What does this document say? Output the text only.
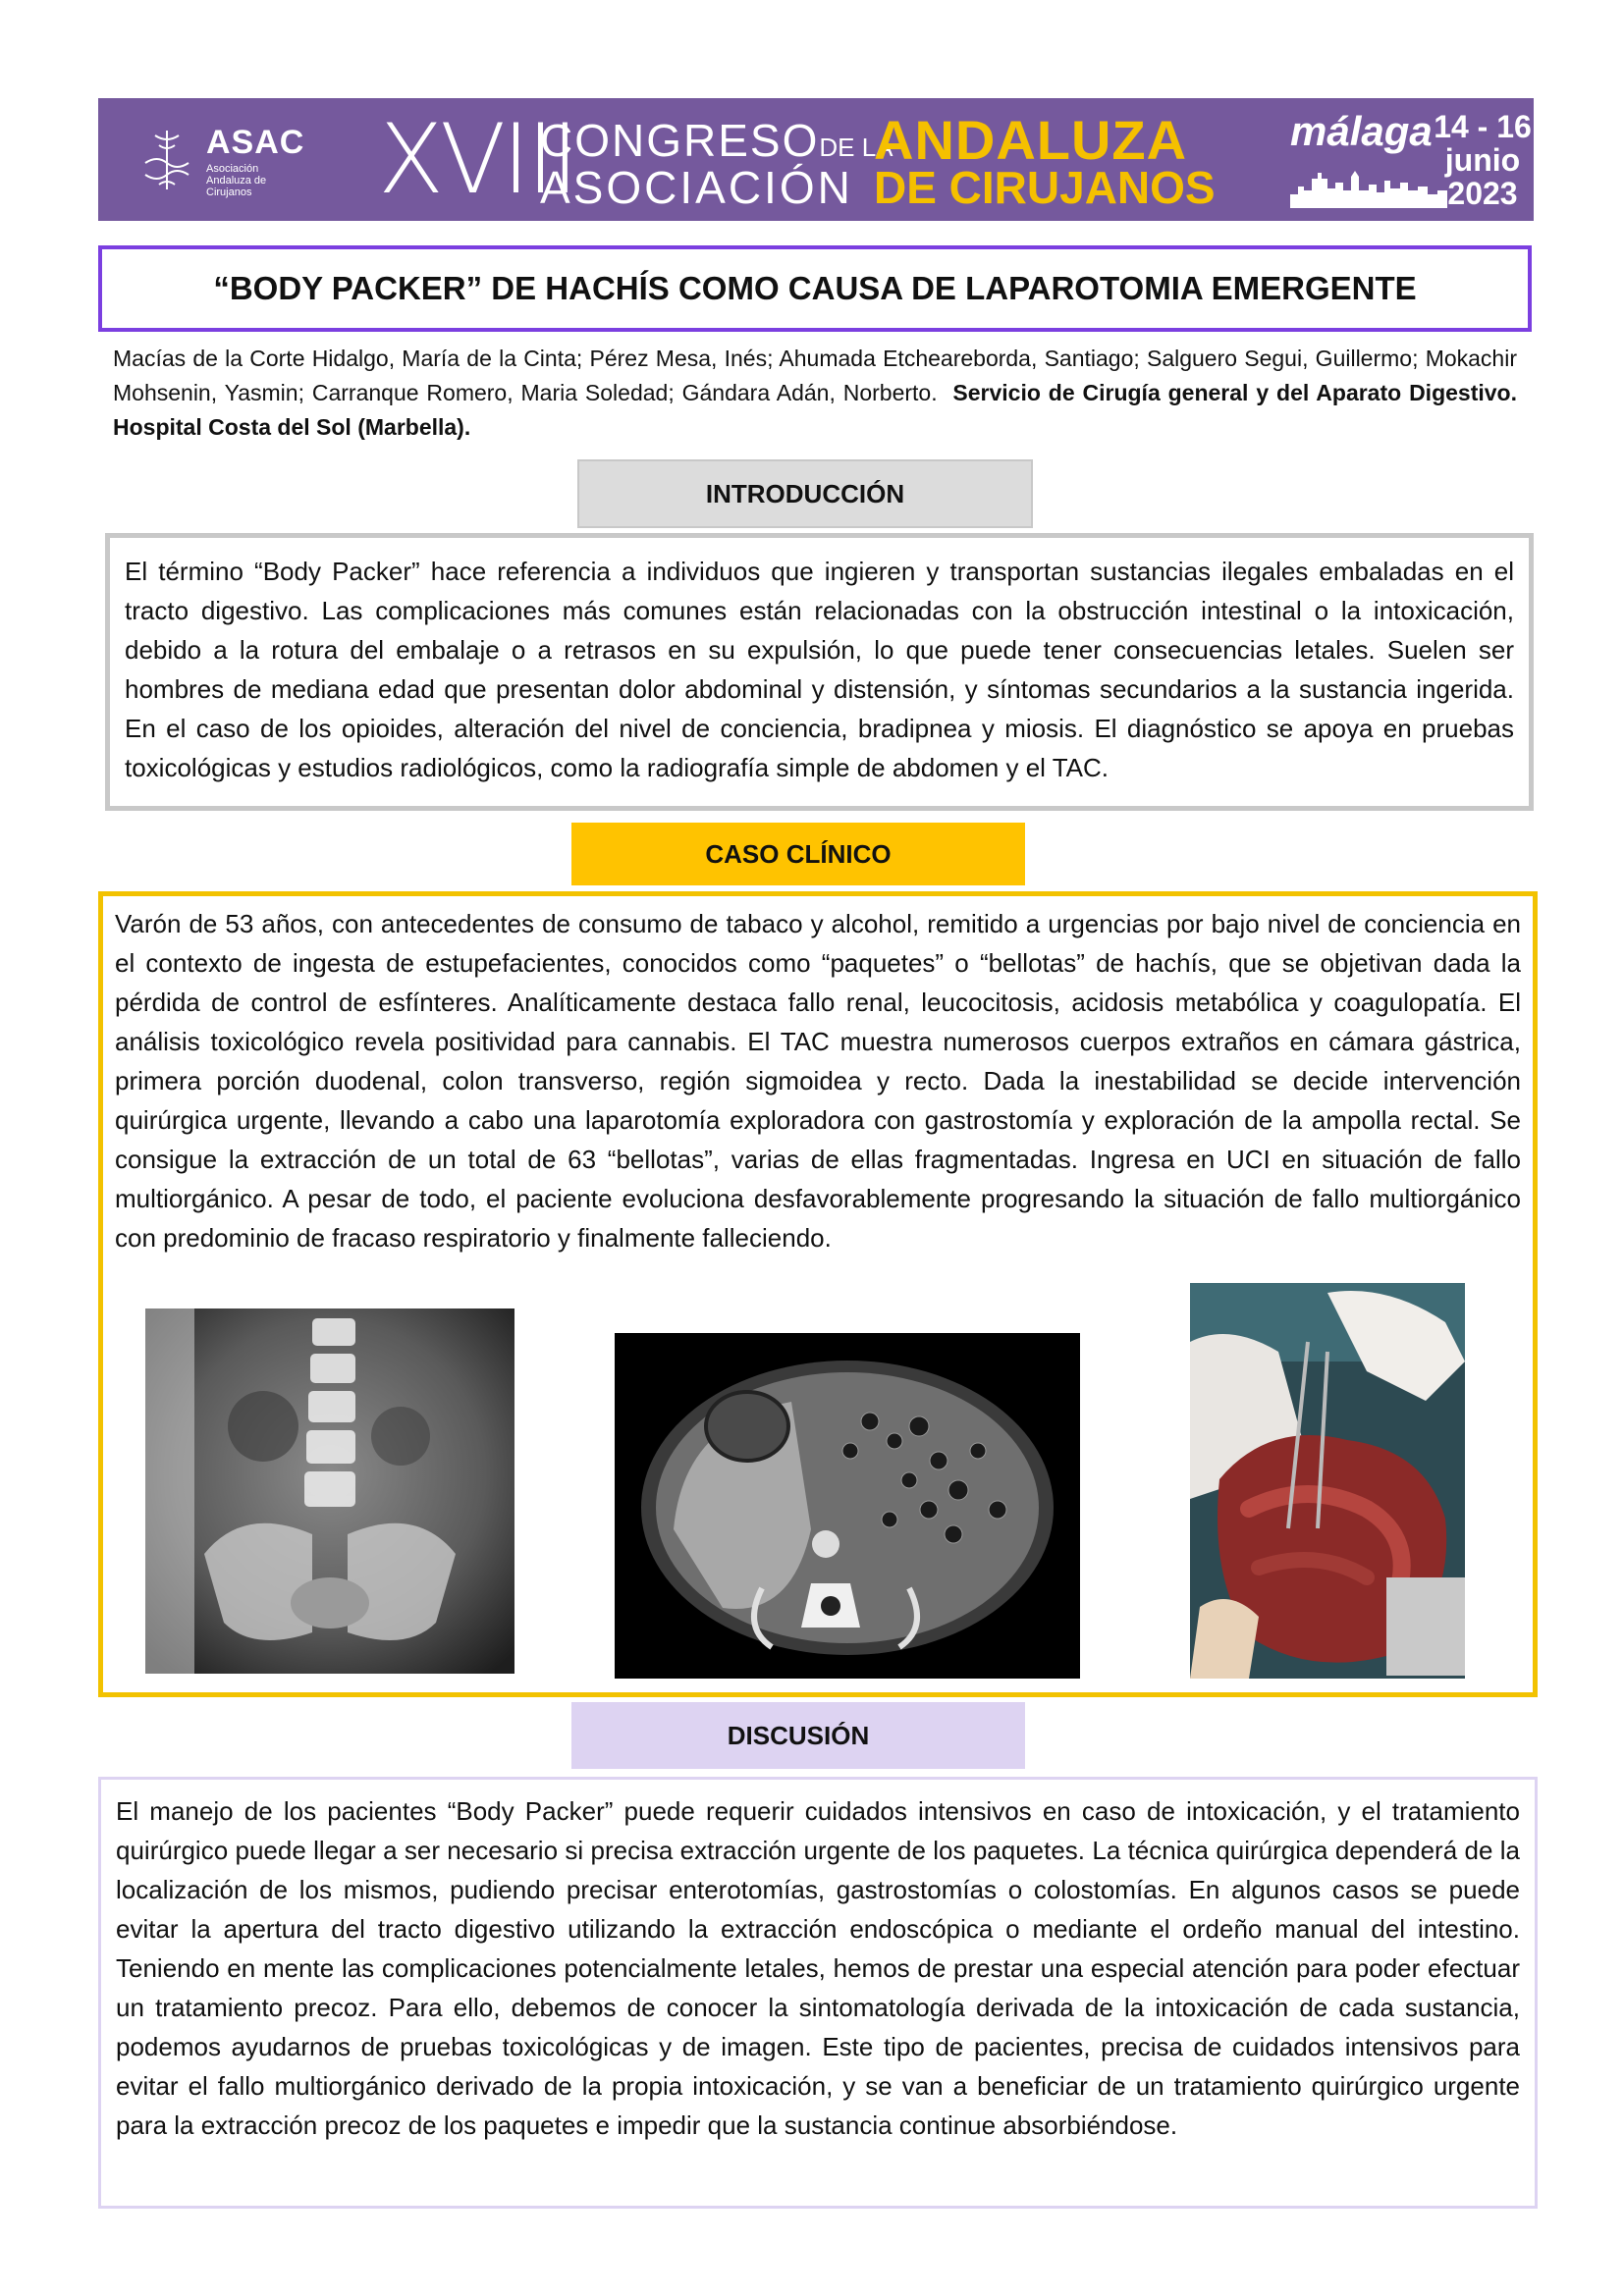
ASAC
Asociación Andaluza de Cirujanos	XVIII
CONGRESODE LA
ASOCIACIÓN
ANDALUZA
DE CIRUJANOS
málaga 14 - 16
junio
2023
“BODY PACKER” DE HACHÍS COMO CAUSA DE LAPAROTOMIA EMERGENTE
Macías de la Corte Hidalgo, María de la Cinta; Pérez Mesa, Inés; Ahumada Etcheareborda, Santiago; Salguero Segui, Guillermo; Mokachir Mohsenin, Yasmin; Carranque Romero, Maria Soledad; Gándara Adán, Norberto. Servicio de Cirugía general y del Aparato Digestivo. Hospital Costa del Sol (Marbella).
INTRODUCCIÓN

El término “Body Packer” hace referencia a individuos que ingieren y transportan sustancias ilegales embaladas en el tracto digestivo. Las complicaciones más comunes están relacionadas con la obstrucción intestinal o la intoxicación, debido a la rotura del embalaje o a retrasos en su expulsión, lo que puede tener consecuencias letales. Suelen ser hombres de mediana edad que presentan dolor abdominal y distensión, y síntomas secundarios a la sustancia ingerida. En el caso de los opioides, alteración del nivel de conciencia, bradipnea y miosis. El diagnóstico se apoya en pruebas toxicológicas y estudios radiológicos, como la radiografía simple de abdomen y el TAC.

CASO CLÍNICO

Varón de 53 años, con antecedentes de consumo de tabaco y alcohol, remitido a urgencias por bajo nivel de conciencia en el contexto de ingesta de estupefacientes, conocidos como “paquetes” o “bellotas” de hachís, que se objetivan dada la pérdida de control de esfínteres. Analíticamente destaca fallo renal, leucocitosis, acidosis metabólica y coagulopatía. El análisis toxicológico revela positividad para cannabis. El TAC muestra numerosos cuerpos extraños en cámara gástrica, primera porción duodenal, colon transverso, región sigmoidea y recto. Dada la inestabilidad se decide intervención quirúrgica urgente, llevando a cabo una laparotomía exploradora con gastrostomía y exploración de la ampolla rectal. Se consigue la extracción de un total de 63 “bellotas”, varias de ellas fragmentadas. Ingresa en UCI en situación de fallo multiorgánico. A pesar de todo, el paciente evoluciona desfavorablemente progresando la situación de fallo multiorgánico con predominio de fracaso respiratorio y finalmente falleciendo.

DISCUSIÓN

El manejo de los pacientes “Body Packer” puede requerir cuidados intensivos en caso de intoxicación, y el tratamiento quirúrgico puede llegar a ser necesario si precisa extracción urgente de los paquetes. La técnica quirúrgica dependerá de la localización de los mismos, pudiendo precisar enterotomías, gastrostomías o colostomías. En algunos casos se puede evitar la apertura del tracto digestivo utilizando la extracción endoscópica o mediante el ordeño manual del intestino. Teniendo en mente las complicaciones potencialmente letales, hemos de prestar una especial atención para poder efectuar un tratamiento precoz. Para ello, debemos de conocer la sintomatología derivada de la intoxicación de cada sustancia, podemos ayudarnos de pruebas toxicológicas y de imagen. Este tipo de pacientes, precisa de cuidados intensivos para evitar el fallo multiorgánico derivado de la propia intoxicación, y se van a beneficiar de un tratamiento quirúrgico urgente para la extracción precoz de los paquetes e impedir que la sustancia continue absorbiéndose.
